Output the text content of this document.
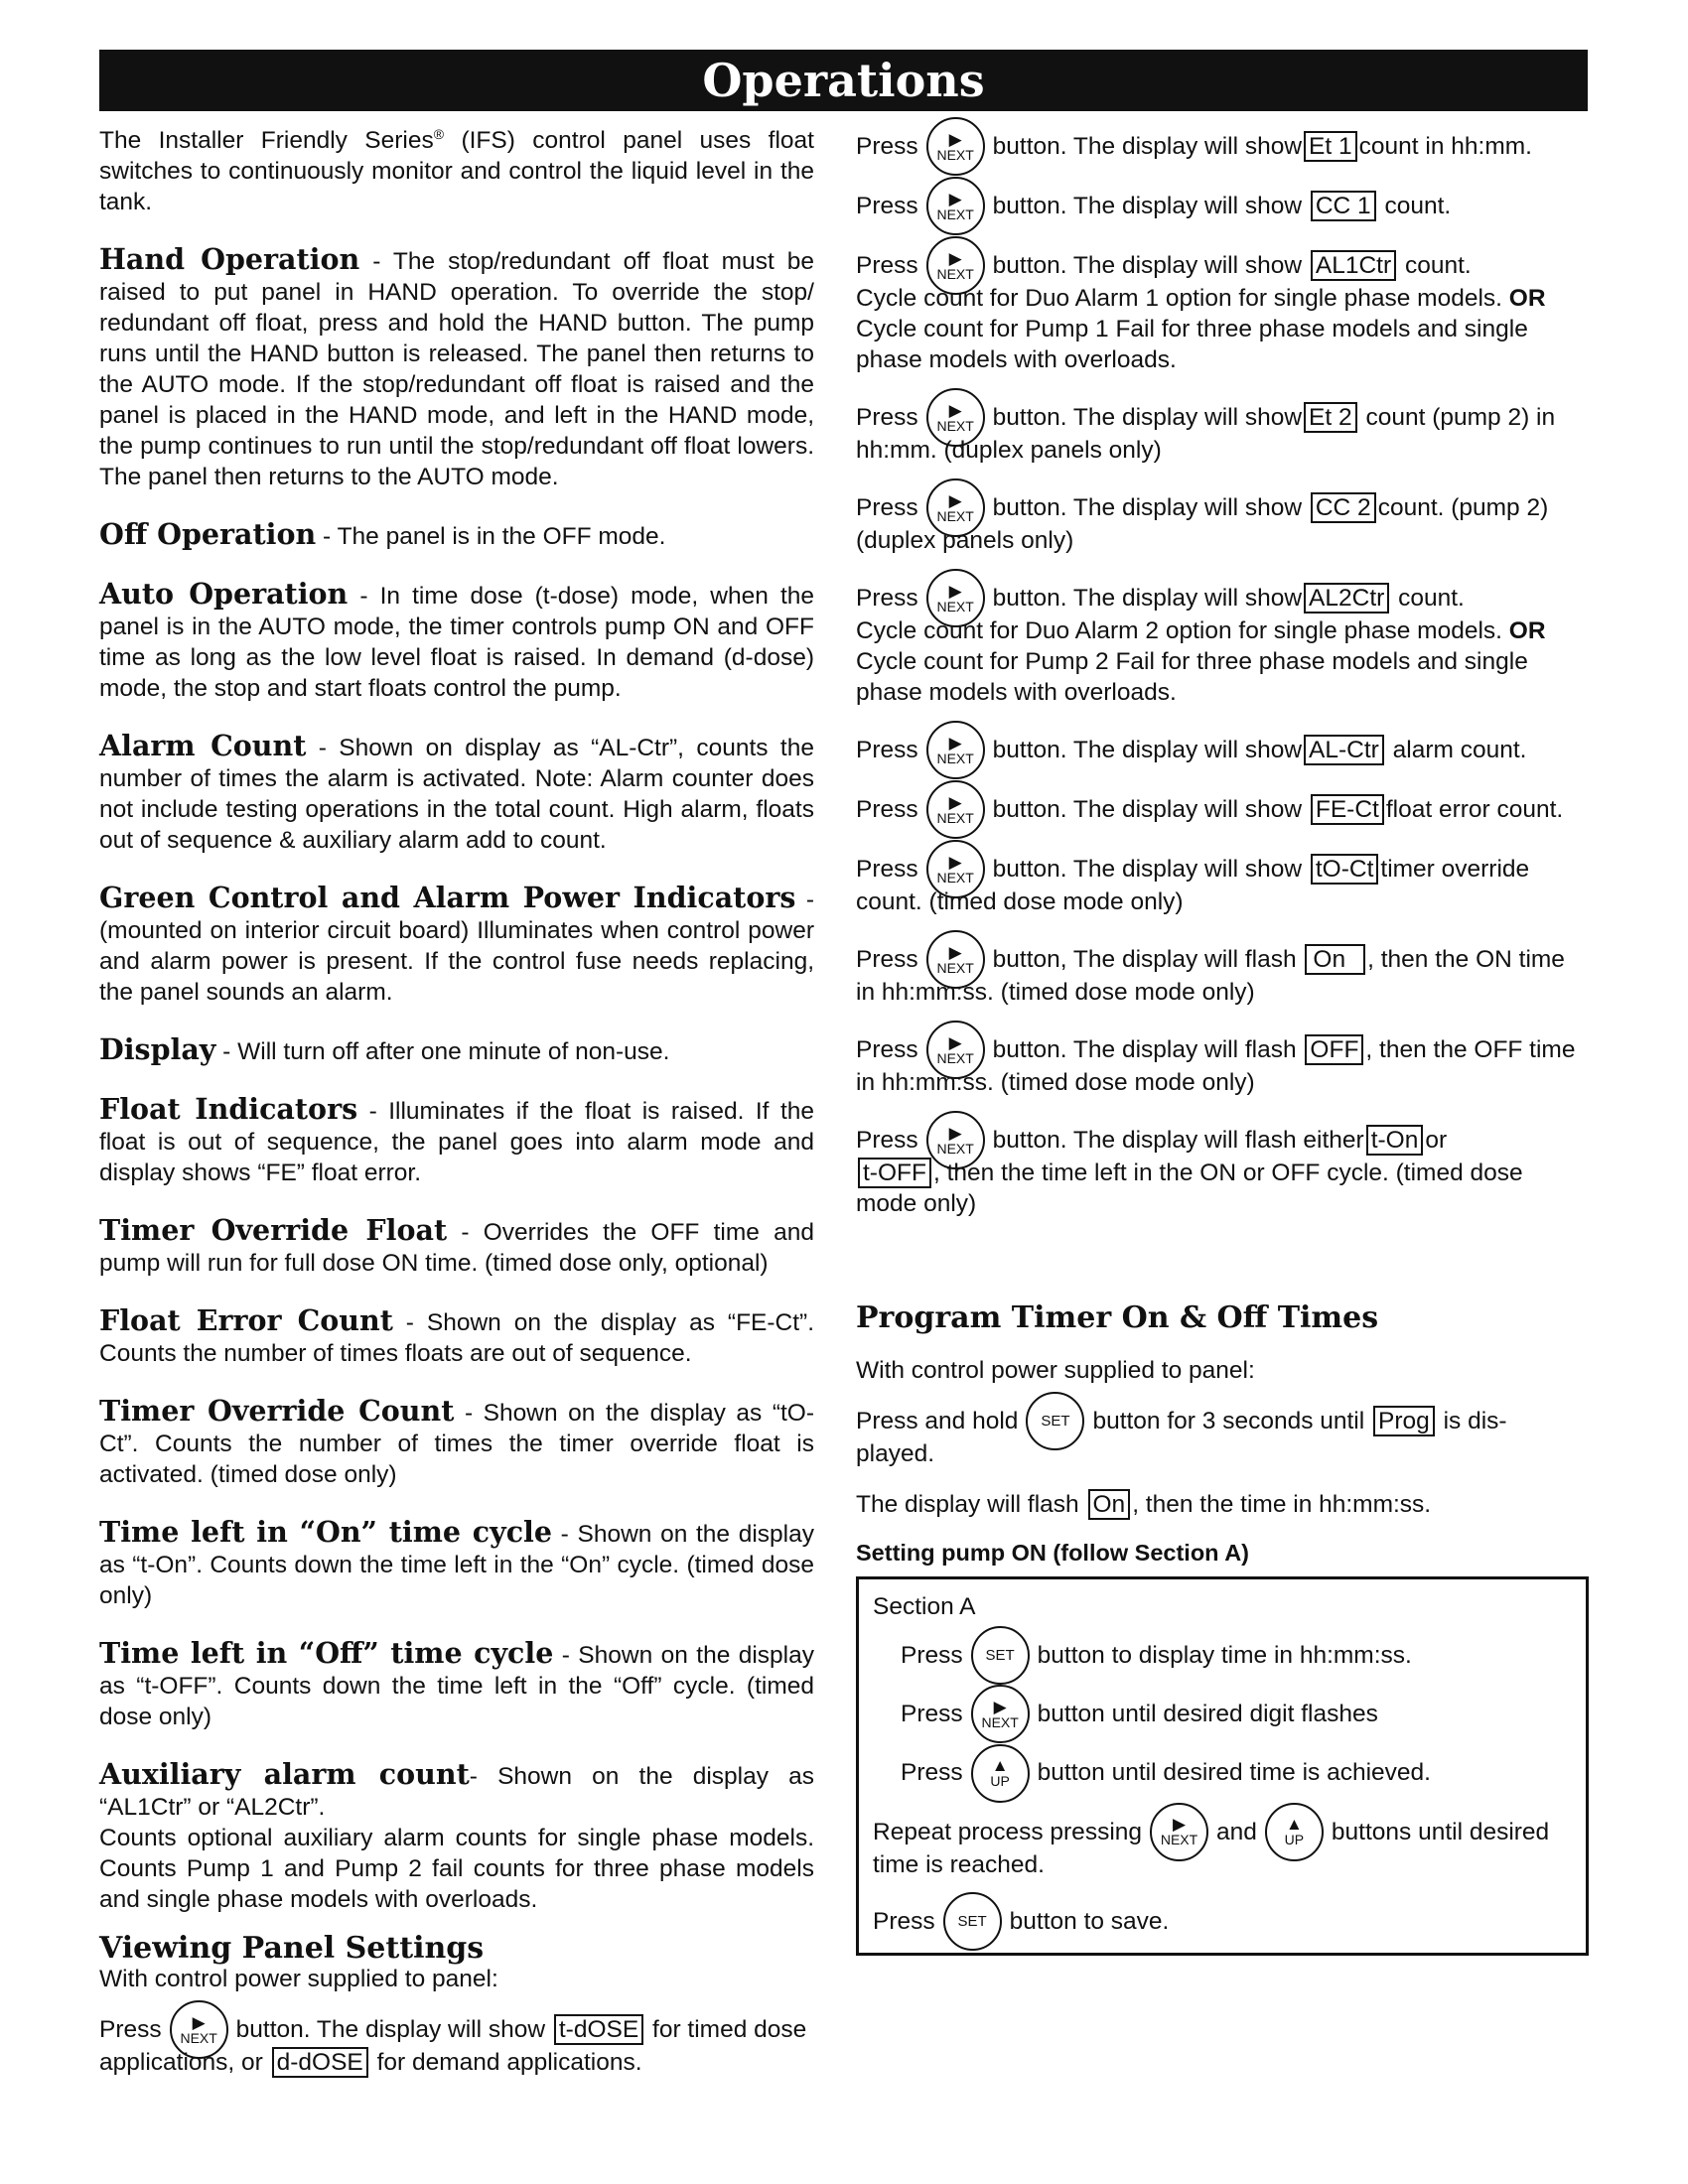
Operations

The Installer Friendly Series® (IFS) control panel uses float switches to continuously monitor and control the liquid level in the tank.

Hand Operation - The stop/redundant off float must be raised to put panel in HAND operation. To override the stop/ redundant off float, press and hold the HAND button. The pump runs until the HAND button is released. The panel then returns to the AUTO mode. If the stop/redundant off float is raised and the panel is placed in the HAND mode, and left in the HAND mode, the pump continues to run until the stop/redundant off float lowers. The panel then returns to the AUTO mode.

Off Operation - The panel is in the OFF mode.

Auto Operation - In time dose (t-dose) mode, when the panel is in the AUTO mode, the timer controls pump ON and OFF time as long as the low level float is raised. In demand (d-dose) mode, the stop and start floats control the pump.

Alarm Count - Shown on display as “AL-Ctr”, counts the number of times the alarm is activated. Note: Alarm counter does not include testing operations in the total count. High alarm, floats out of sequence & auxiliary alarm add to count.

Green Control and Alarm Power Indicators - (mounted on interior circuit board) Illuminates when control power and alarm power is present. If the control fuse needs replacing, the panel sounds an alarm.

Display - Will turn off after one minute of non-use.

Float Indicators - Illuminates if the float is raised. If the float is out of sequence, the panel goes into alarm mode and display shows “FE” float error.

Timer Override Float - Overrides the OFF time and pump will run for full dose ON time. (timed dose only, optional)

Float Error Count - Shown on the display as “FE-Ct”. Counts the number of times floats are out of sequence.

Timer Override Count - Shown on the display as “tO-Ct”. Counts the number of times the timer override float is activated. (timed dose only)

Time left in “On” time cycle - Shown on the display as “t-On”. Counts down the time left in the “On” cycle. (timed dose only)

Time left in “Off” time cycle - Shown on the display as “t-OFF”. Counts down the time left in the “Off” cycle. (timed dose only)

Auxiliary alarm count- Shown on the display as “AL1Ctr” or “AL2Ctr”.
Counts optional auxiliary alarm counts for single phase models. Counts Pump 1 and Pump 2 fail counts for three phase models and single phase models with overloads.

Viewing Panel Settings
With control power supplied to panel:
Press ▶
NEXT button. The display will show t-dOSE for timed dose applications, or d-dOSE for demand applications.

Press ▶
NEXT button. The display will show Et 1 count in hh:mm.

Press ▶
NEXT button. The display will show CC 1 count.

Press ▶
NEXT button. The display will show AL1Ctr count.
Cycle count for Duo Alarm 1 option for single phase models. OR Cycle count for Pump 1 Fail for three phase models and single phase models with overloads.

Press ▶
NEXT button. The display will show Et 2 count (pump 2) in hh:mm. (duplex panels only)

Press ▶
NEXT button. The display will show CC 2 count. (pump 2) (duplex panels only)

Press ▶
NEXT button. The display will show AL2Ctr count.
Cycle count for Duo Alarm 2 option for single phase models. OR Cycle count for Pump 2 Fail for three phase models and single phase models with overloads.

Press ▶
NEXT button. The display will show AL-Ctr alarm count.

Press ▶
NEXT button. The display will show FE-Ct float error count.

Press ▶
NEXT button. The display will show tO-Ct timer override count. (timed dose mode only)

Press ▶
NEXT button, The display will flash On , then the ON time in hh:mm:ss. (timed dose mode only)

Press ▶
NEXT button. The display will flash OFF , then the OFF time in hh:mm:ss. (timed dose mode only)

Press ▶
NEXT button. The display will flash either t-On or
t-OFF , then the time left in the ON or OFF cycle. (timed dose mode only)

Program Timer On & Off Times

With control power supplied to panel:

Press and hold SET button for 3 seconds until Prog is dis- played.

The display will flash On , then the time in hh:mm:ss.

Setting pump ON (follow Section A)

Section A

Press SET button to display time in hh:mm:ss.

Press ▶
NEXT button until desired digit flashes

Press ▲
UP button until desired time is achieved.

Repeat process pressing ▶
NEXT and ▲
UP buttons until desired time is reached.

Press SET button to save.
